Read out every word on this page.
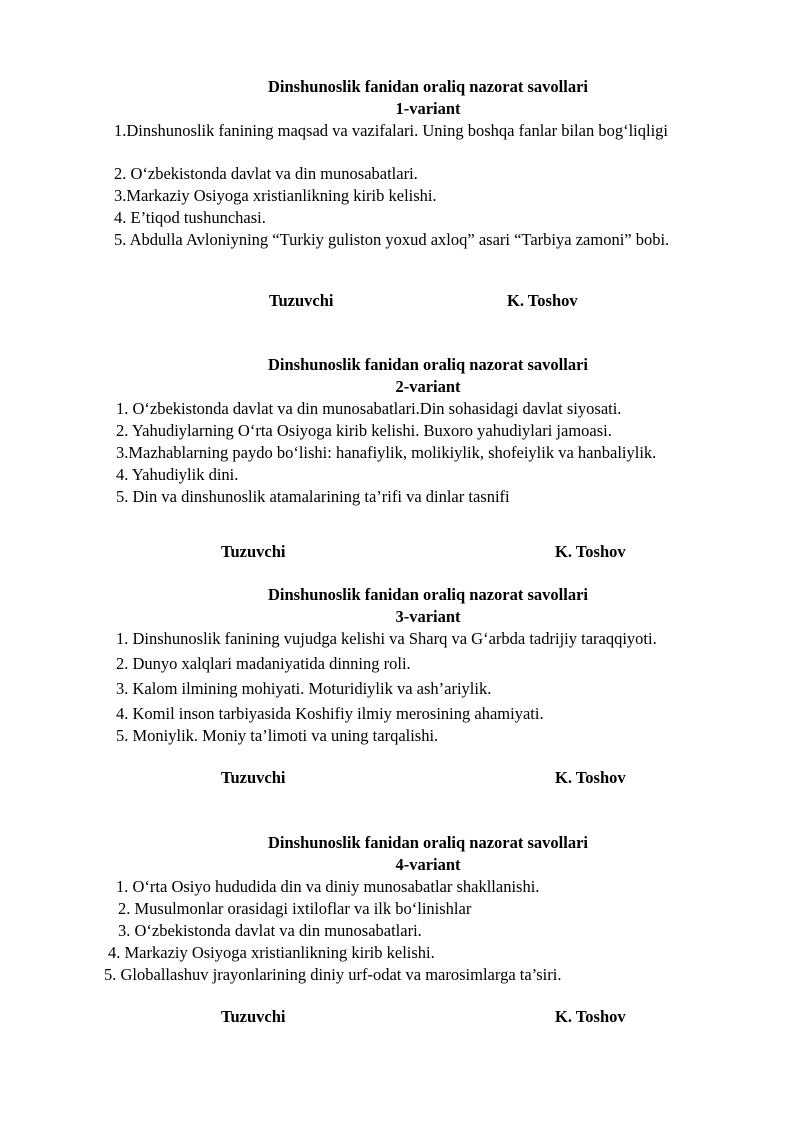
Dinshunoslik fanidan oraliq nazorat savollari
1-variant
1.Dinshunoslik fanining maqsad va vazifalari. Uning boshqa fanlar bilan bog‘liqligi
2. O‘zbekistonda davlat va din munosabatlari.
3.Markaziy Osiyoga xristianlikning kirib kelishi.
4. E’tiqod tushunchasi.
5. Abdulla Avloniyning “Turkiy guliston yoxud axloq” asari “Tarbiya zamoni” bobi.
Tuzuvchi	K. Toshov
Dinshunoslik fanidan oraliq nazorat savollari
2-variant
1. O‘zbekistonda davlat va din munosabatlari.Din sohasidagi davlat siyosati.
2. Yahudiylarning O‘rta Osiyoga kirib kelishi. Buxoro yahudiylari jamoasi.
3.Mazhablarning paydo bo‘lishi: hanafiylik, molikiylik, shofeiylik va hanbaliylik.
4. Yahudiylik dini.
5. Din va dinshunoslik atamalarining ta’rifi va dinlar tasnifi
Tuzuvchi	K. Toshov
Dinshunoslik fanidan oraliq nazorat savollari
3-variant
1. Dinshunoslik fanining vujudga kelishi va Sharq va G‘arbda tadrijiy taraqqiyoti.
2. Dunyo xalqlari madaniyatida dinning roli.
3. Kalom ilmining mohiyati. Moturidiylik va ash’ariylik.
4. Komil inson tarbiyasida Koshifiy ilmiy merosining ahamiyati.
5. Moniylik. Moniy ta’limoti va uning tarqalishi.
Tuzuvchi	K. Toshov
Dinshunoslik fanidan oraliq nazorat savollari
4-variant
1. O‘rta Osiyo hududida din va diniy munosabatlar shakllanishi.
2. Musulmonlar orasidagi ixtiloflar va ilk bo‘linishlar
3. O‘zbekistonda davlat va din munosabatlari.
4. Markaziy Osiyoga xristianlikning kirib kelishi.
5. Globallashuv jrayonlarining diniy urf-odat va marosimlarga ta’siri.
Tuzuvchi	K. Toshov
